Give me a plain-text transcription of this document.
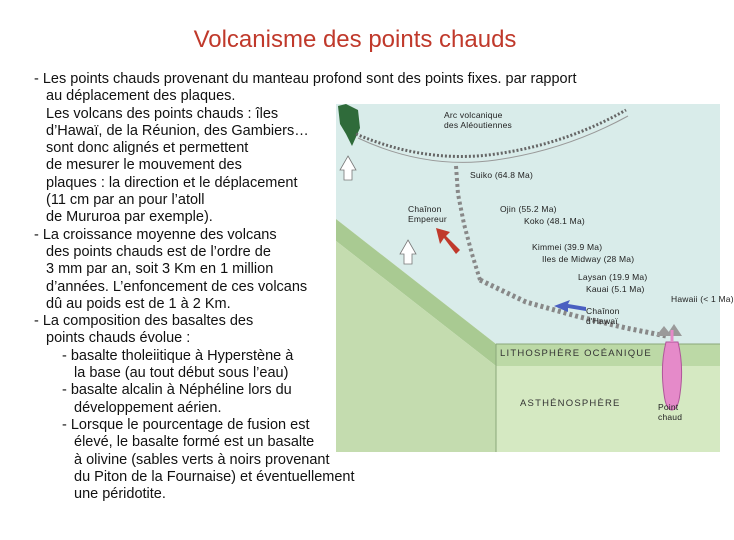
Volcanisme des points chauds
- Les points chauds provenant du manteau profond sont des points fixes. par rapport
au déplacement des plaques.
Les volcans des points chauds : îles
d’Hawaï, de la Réunion, des Gambiers…
sont donc alignés et permettent
de mesurer le mouvement des
plaques : la direction et le déplacement
(11 cm par an pour l’atoll
de Mururoa par exemple).
- La croissance moyenne des volcans
des points chauds est de l’ordre de
3 mm par an, soit 3 Km en 1 million
d’années. L’enfoncement de ces volcans
dû au poids est de 1 à 2 Km.
- La composition des basaltes des
points chauds évolue :
- basalte tholeiitique à Hyperstène à
la base (au tout début sous l’eau)
- basalte alcalin à Néphéline lors du
développement aérien.
- Lorsque le pourcentage de fusion est
élevé, le basalte formé est un basalte
à olivine (sables verts à noirs provenant
du Piton de la Fournaise) et éventuellement
une péridotite.
Arc volcanique
des Aléoutiennes
Suiko (64.8 Ma)
Chaînon
Empereur
Ojin (55.2 Ma)
Koko (48.1 Ma)
Kimmei (39.9 Ma)
Iles de Midway (28 Ma)
Laysan (19.9 Ma)
Kauai (5.1 Ma)
Hawaii (< 1 Ma)
Chaînon
d'Hawaï
LITHOSPHÈRE OCÉANIQUE
ASTHÉNOSPHÈRE	Point
chaud
